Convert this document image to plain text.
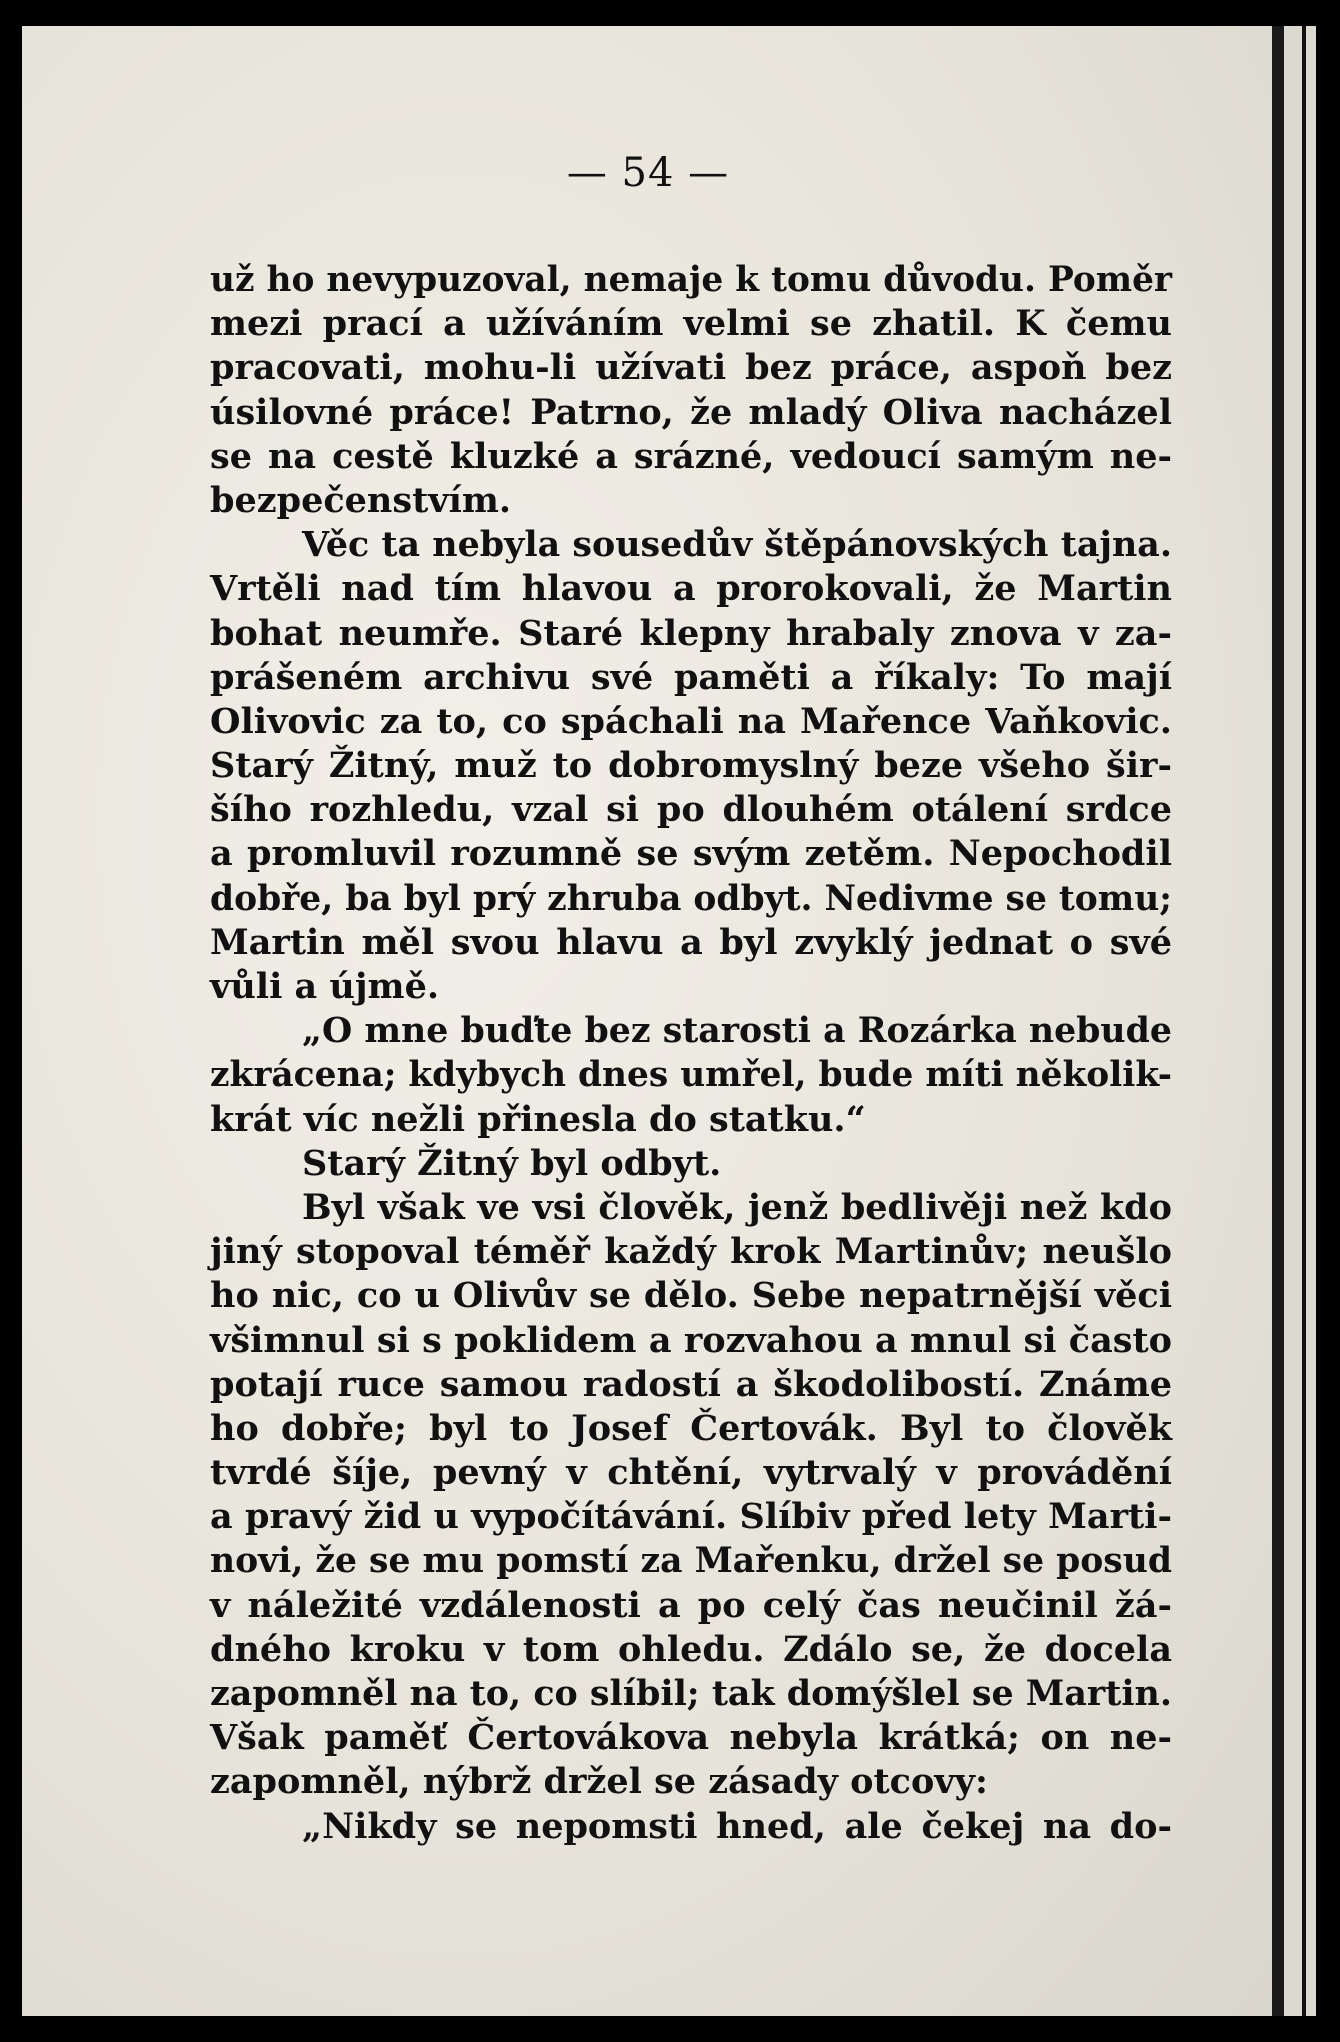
— 54 —
už ho nevypuzoval, nemaje k tomu důvodu. Poměr
mezi prací a užíváním velmi se zhatil. K čemu
pracovati, mohu-li užívati bez práce, aspoň bez
úsilovné práce! Patrno, že mladý Oliva nacházel
se na cestě kluzké a srázné, vedoucí samým ne-
bezpečenstvím.
Věc ta nebyla sousedův štěpánovských tajna.
Vrtěli nad tím hlavou a prorokovali, že Martin
bohat neumře. Staré klepny hrabaly znova v za-
prášeném archivu své paměti a říkaly: To mají
Olivovic za to, co spáchali na Mařence Vaňkovic.
Starý Žitný, muž to dobromyslný beze všeho šir-
šího rozhledu, vzal si po dlouhém otálení srdce
a promluvil rozumně se svým zetěm. Nepochodil
dobře, ba byl prý zhruba odbyt. Nedivme se tomu;
Martin měl svou hlavu a byl zvyklý jednat o své
vůli a újmě.
„O mne buďte bez starosti a Rozárka nebude
zkrácena; kdybych dnes umřel, bude míti několik-
krát víc nežli přinesla do statku.“
Starý Žitný byl odbyt.
Byl však ve vsi člověk, jenž bedlivěji než kdo
jiný stopoval téměř každý krok Martinův; neušlo
ho nic, co u Olivův se dělo. Sebe nepatrnější věci
všimnul si s poklidem a rozvahou a mnul si často
potají ruce samou radostí a škodolibostí. Známe
ho dobře; byl to Josef Čertovák. Byl to člověk
tvrdé šíje, pevný v chtění, vytrvalý v provádění
a pravý žid u vypočítávání. Slíbiv před lety Marti-
novi, že se mu pomstí za Mařenku, držel se posud
v náležité vzdálenosti a po celý čas neučinil žá-
dného kroku v tom ohledu. Zdálo se, že docela
zapomněl na to, co slíbil; tak domýšlel se Martin.
Však paměť Čertovákova nebyla krátká; on ne-
zapomněl, nýbrž držel se zásady otcovy:
„Nikdy se nepomsti hned, ale čekej na do-
